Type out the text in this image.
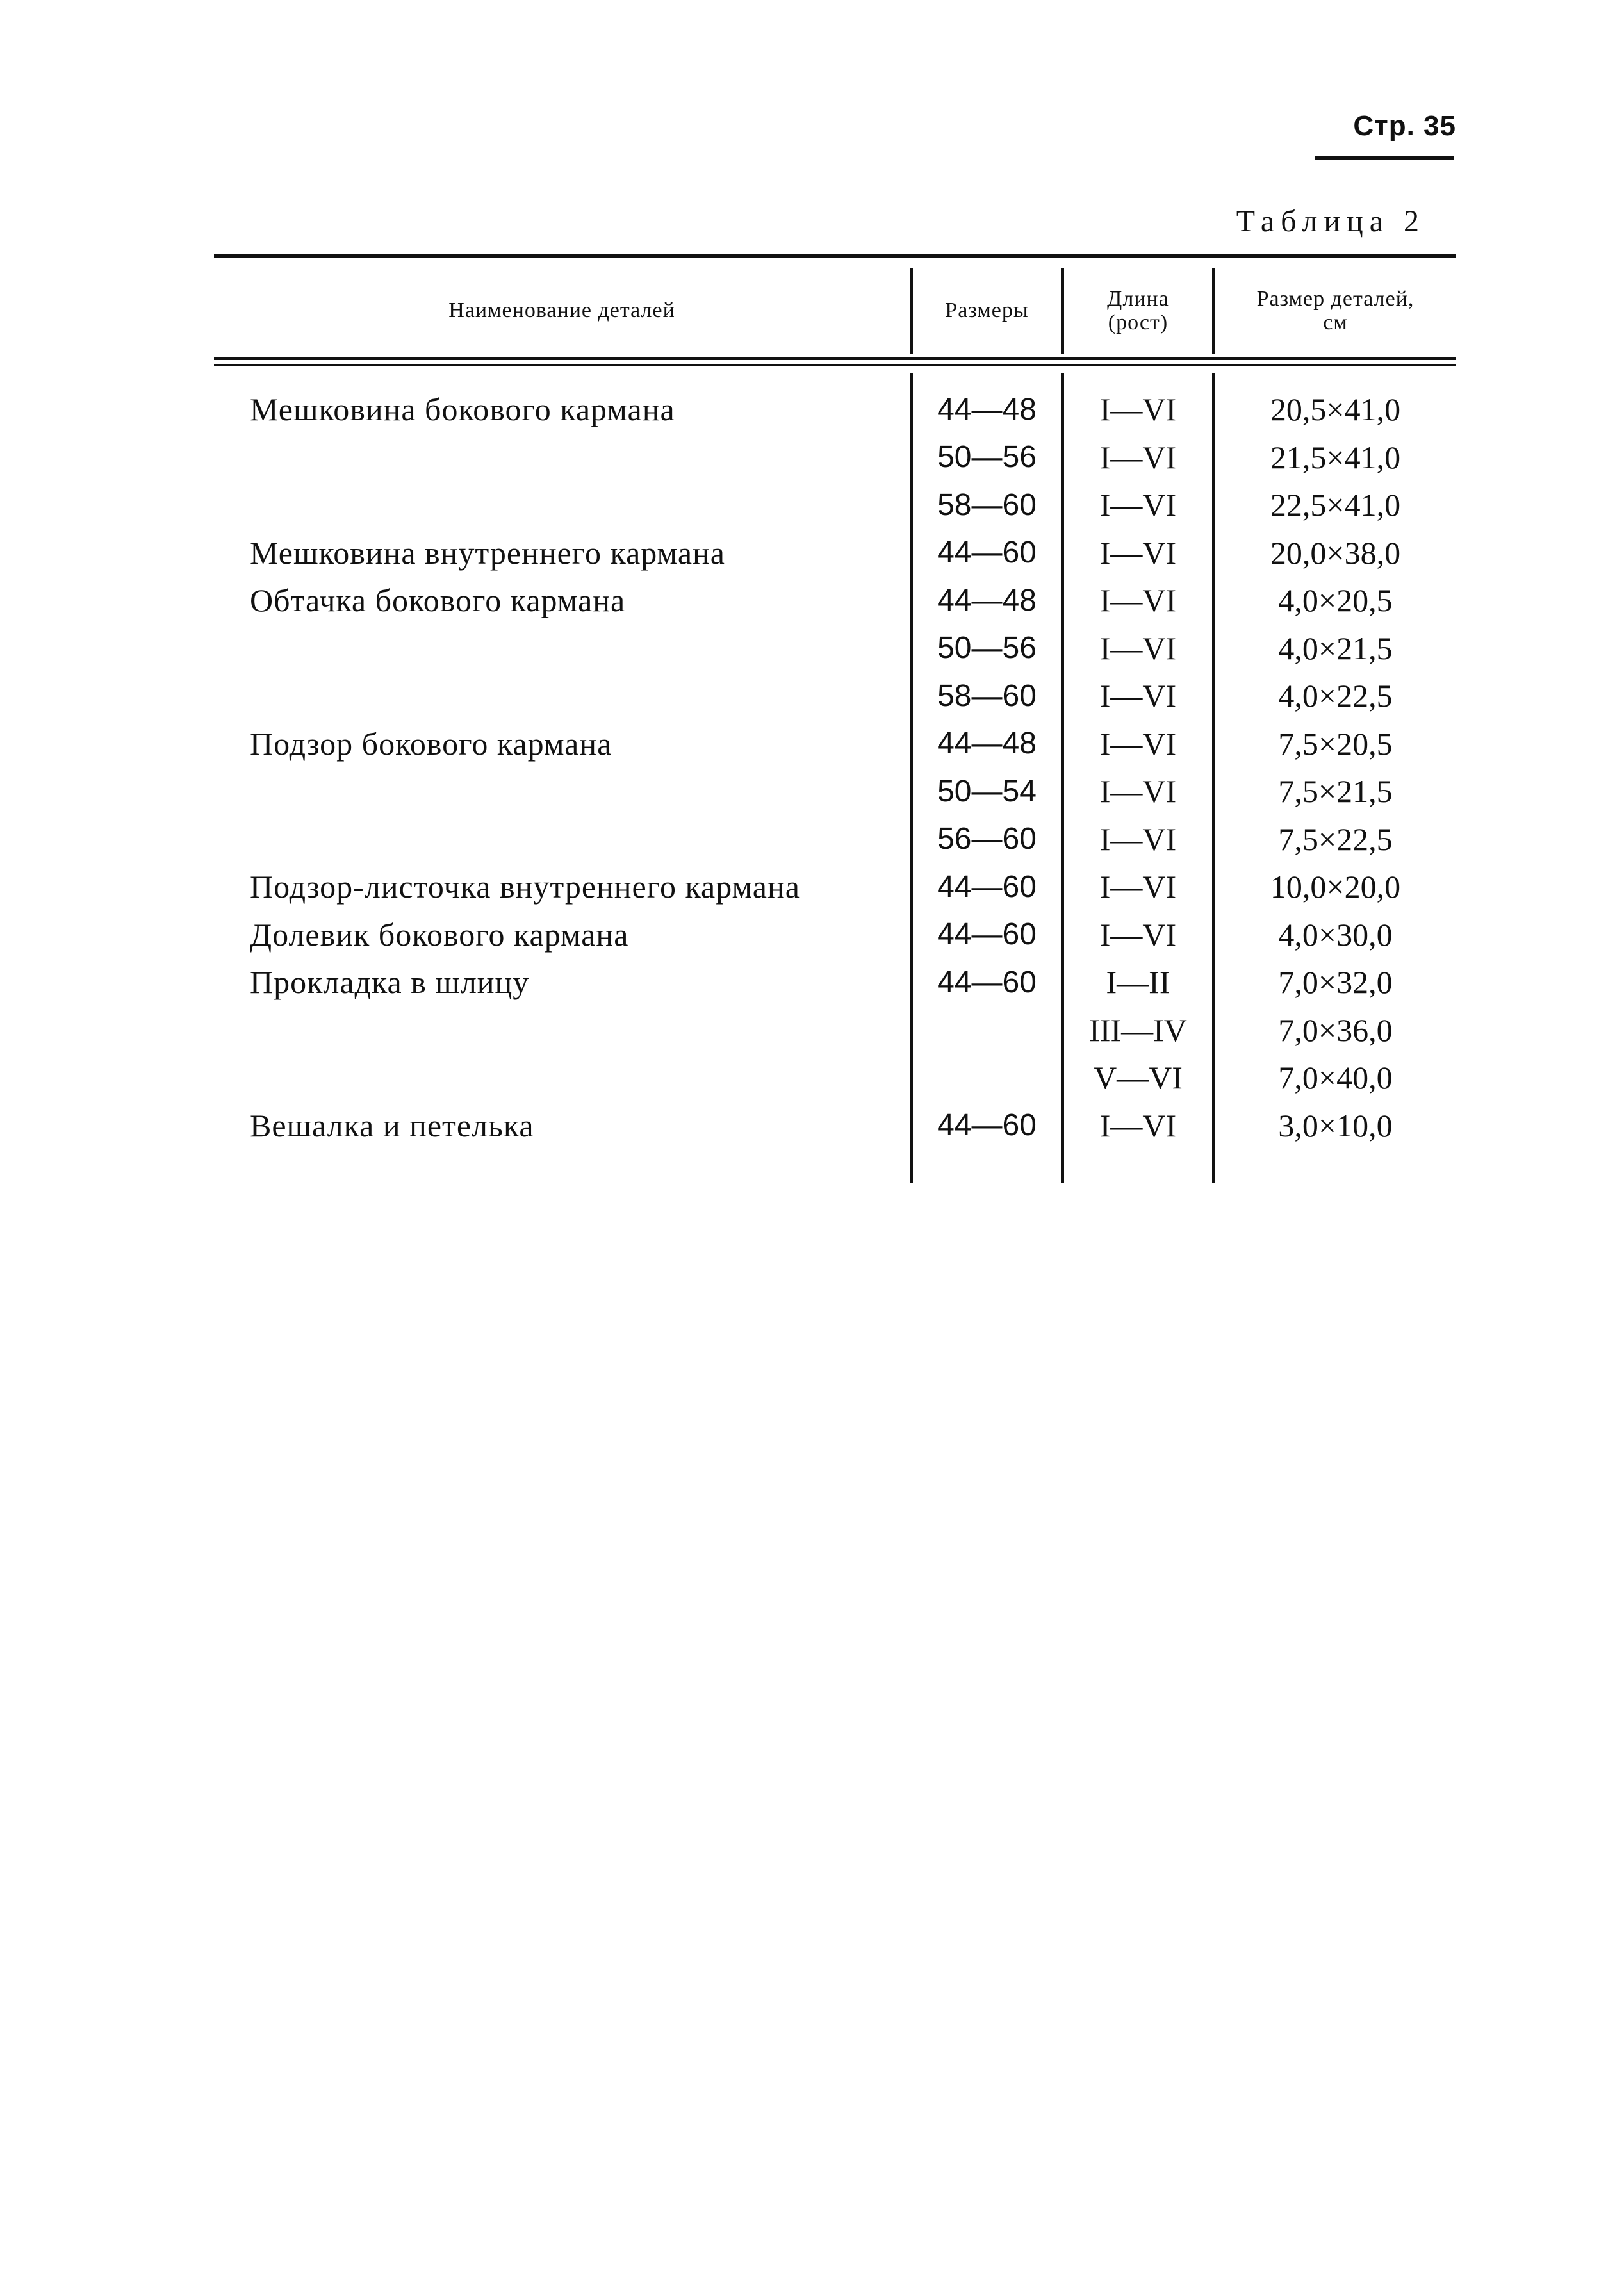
Стр. 35
Таблица 2
Наименование деталей	Размеры
Длина
(рост)
Размер деталей,
см
Мешковина бокового кармана
Мешковина внутреннего кармана
Обтачка бокового кармана
Подзор бокового кармана
Подзор-листочка внутреннего кармана
Долевик бокового кармана
Прокладка в шлицу
Вешалка и петелька
44—48
50—56
58—60
44—60
44—48
50—56
58—60
44—48
50—54
56—60
44—60
44—60
44—60
44—60
I—VI
I—VI
I—VI
I—VI
I—VI
I—VI
I—VI
I—VI
I—VI
I—VI
I—VI
I—VI
I—II
III—IV
V—VI
I—VI
20,5×41,0
21,5×41,0
22,5×41,0
20,0×38,0
4,0×20,5
4,0×21,5
4,0×22,5
7,5×20,5
7,5×21,5
7,5×22,5
10,0×20,0
4,0×30,0
7,0×32,0
7,0×36,0
7,0×40,0
3,0×10,0
